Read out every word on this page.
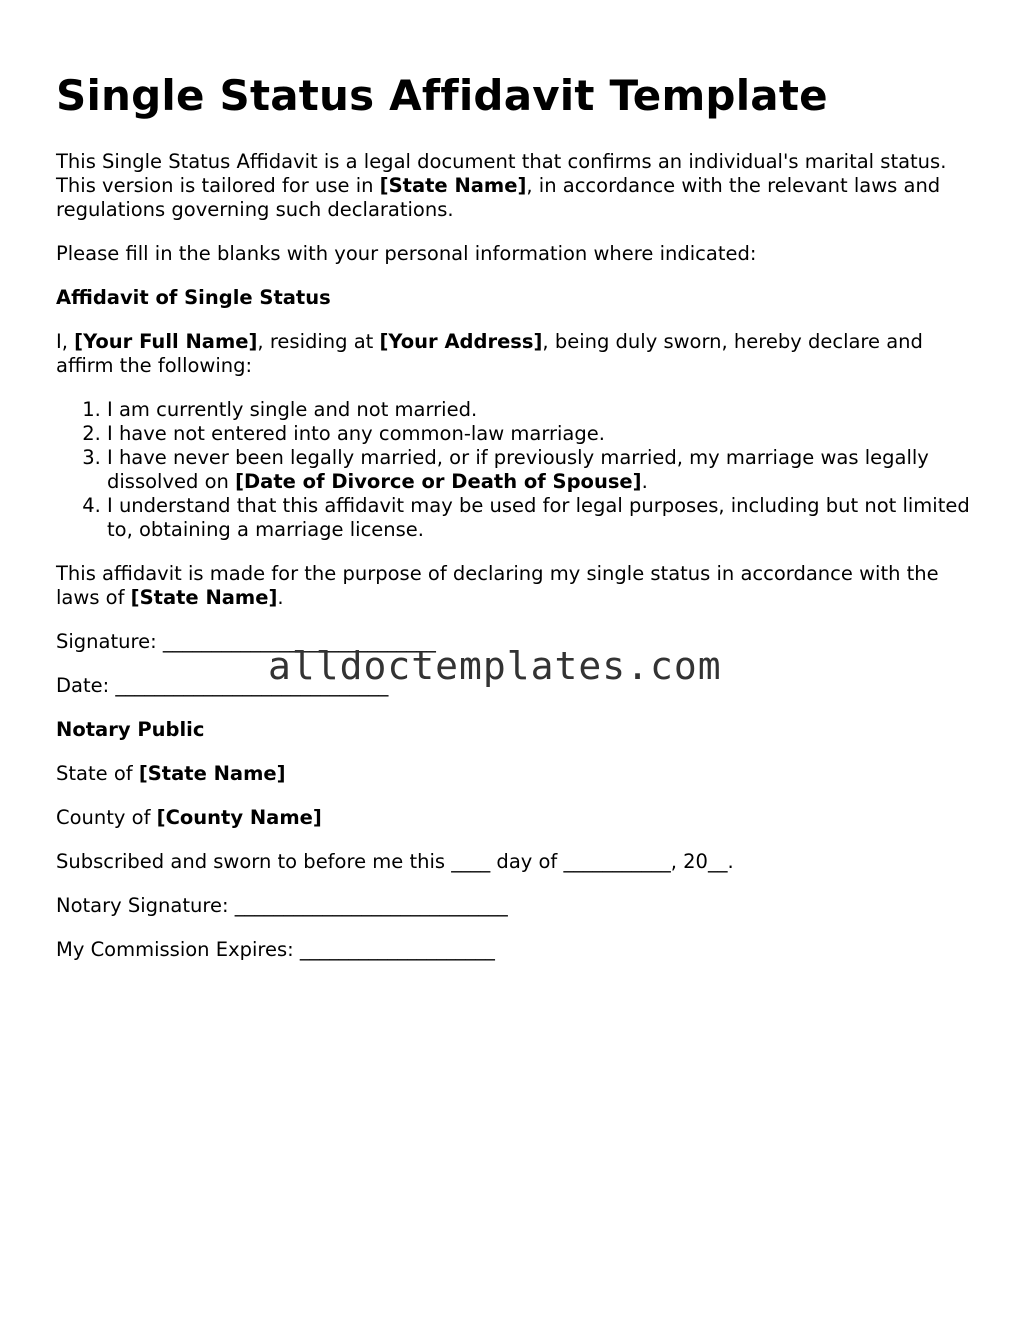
Single Status Affidavit Template

This Single Status Affidavit is a legal document that confirms an individual's marital status. This version is tailored for use in [State Name], in accordance with the relevant laws and regulations governing such declarations.

Please fill in the blanks with your personal information where indicated:

Affidavit of Single Status

I, [Your Full Name], residing at [Your Address], being duly sworn, hereby declare and affirm the following:

1. I am currently single and not married.
2. I have not entered into any common-law marriage.
3. I have never been legally married, or if previously married, my marriage was legally dissolved on [Date of Divorce or Death of Spouse].
4. I understand that this affidavit may be used for legal purposes, including but not limited to, obtaining a marriage license.

This affidavit is made for the purpose of declaring my single status in accordance with the laws of [State Name].

Signature: ____________________________

Date: ____________________________

Notary Public

State of [State Name]

County of [County Name]

Subscribed and sworn to before me this ____ day of ___________, 20__.

Notary Signature: ____________________________

My Commission Expires: ____________________

alldoctemplates.com
